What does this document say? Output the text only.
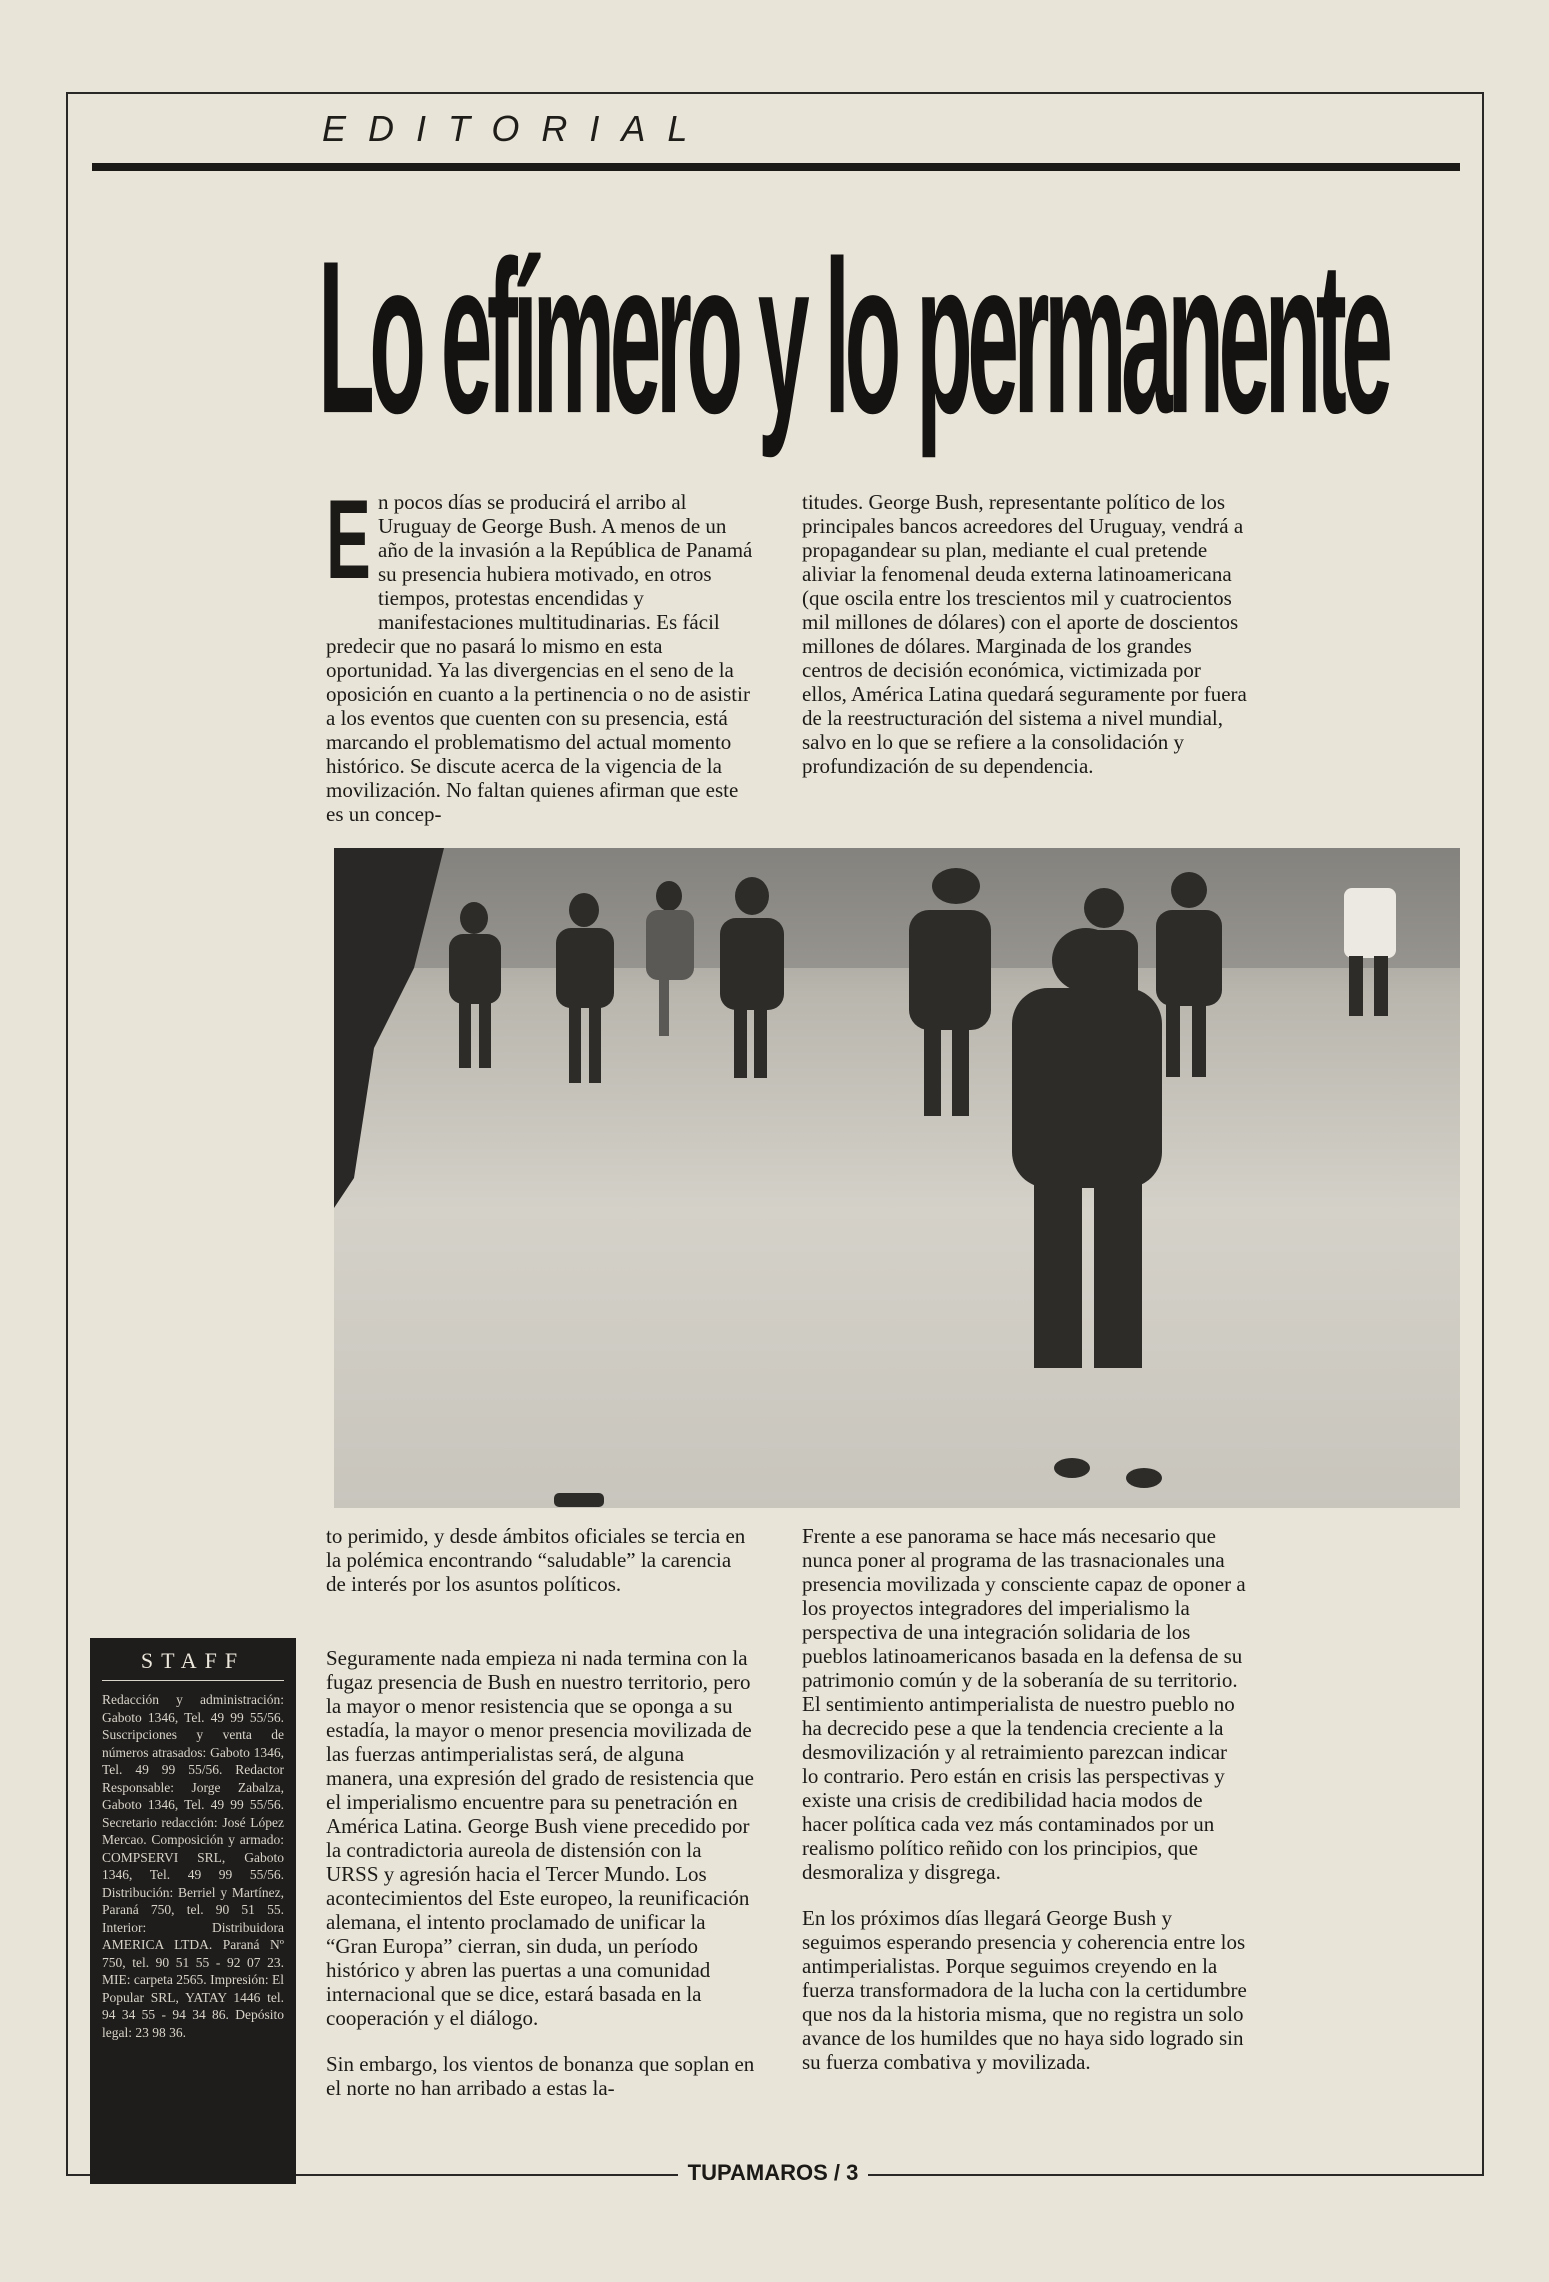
EDITORIAL
Lo efímero y lo permanente
E n pocos días se producirá el arribo al Uruguay de George Bush. A menos de un año de la invasión a la República de Panamá su presencia hubiera motivado, en otros tiempos, protestas encendidas y manifestaciones multitudinarias. Es fácil predecir que no pasará lo mismo en esta oportunidad. Ya las divergencias en el seno de la oposición en cuanto a la pertinencia o no de asistir a los eventos que cuenten con su presencia, está marcando el problematismo del actual momento histórico. Se discute acerca de la vigencia de la movilización. No faltan quienes afirman que este es un concep-

titudes. George Bush, representante político de los principales bancos acreedores del Uruguay, vendrá a propagandear su plan, mediante el cual pretende aliviar la fenomenal deuda externa latinoamericana (que oscila entre los trescientos mil y cuatrocientos mil millones de dólares) con el aporte de doscientos millones de dólares. Marginada de los grandes centros de decisión económica, victimizada por ellos, América Latina quedará seguramente por fuera de la reestructuración del sistema a nivel mundial, salvo en lo que se refiere a la consolidación y profundización de su dependencia.

to perimido, y desde ámbitos oficiales se tercia en la polémica encontrando “saludable” la carencia de interés por los asuntos políticos.

Seguramente nada empieza ni nada termina con la fugaz presencia de Bush en nuestro territorio, pero la mayor o menor resistencia que se oponga a su estadía, la mayor o menor presencia movilizada de las fuerzas antimperialistas será, de alguna manera, una expresión del grado de resistencia que el imperialismo encuentre para su penetración en América Latina. George Bush viene precedido por la contradictoria aureola de distensión con la URSS y agresión hacia el Tercer Mundo. Los acontecimientos del Este europeo, la reunificación alemana, el intento proclamado de unificar la “Gran Europa” cierran, sin duda, un período histórico y abren las puertas a una comunidad internacional que se dice, estará basada en la cooperación y el diálogo.

Sin embargo, los vientos de bonanza que soplan en el norte no han arribado a estas la-

Frente a ese panorama se hace más necesario que nunca poner al programa de las trasnacionales una presencia movilizada y consciente capaz de oponer a los proyectos integradores del imperialismo la perspectiva de una integración solidaria de los pueblos latinoamericanos basada en la defensa de su patrimonio común y de la soberanía de su territorio. El sentimiento antimperialista de nuestro pueblo no ha decrecido pese a que la tendencia creciente a la desmovilización y al retraimiento parezcan indicar lo contrario. Pero están en crisis las perspectivas y existe una crisis de credibilidad hacia modos de hacer política cada vez más contaminados por un realismo político reñido con los principios, que desmoraliza y disgrega.

En los próximos días llegará George Bush y seguimos esperando presencia y coherencia entre los antimperialistas. Porque seguimos creyendo en la fuerza transformadora de la lucha con la certidumbre que nos da la historia misma, que no registra un solo avance de los humildes que no haya sido logrado sin su fuerza combativa y movilizada.

STAFF
Redacción y administración: Gaboto 1346, Tel. 49 99 55/56. Suscripciones y venta de números atrasados: Gaboto 1346, Tel. 49 99 55/56. Redactor Responsable: Jorge Zabalza, Gaboto 1346, Tel. 49 99 55/56. Secretario redacción: José López Mercao. Composición y armado: COMPSERVI SRL, Gaboto 1346, Tel. 49 99 55/56. Distribución: Berriel y Martínez, Paraná 750, tel. 90 51 55. Interior: Distribuidora AMERICA LTDA. Paraná Nº 750, tel. 90 51 55 - 92 07 23. MIE: carpeta 2565. Impresión: El Popular SRL, YATAY 1446 tel. 94 34 55 - 94 34 86. Depósito legal: 23 98 36.
TUPAMAROS / 3
